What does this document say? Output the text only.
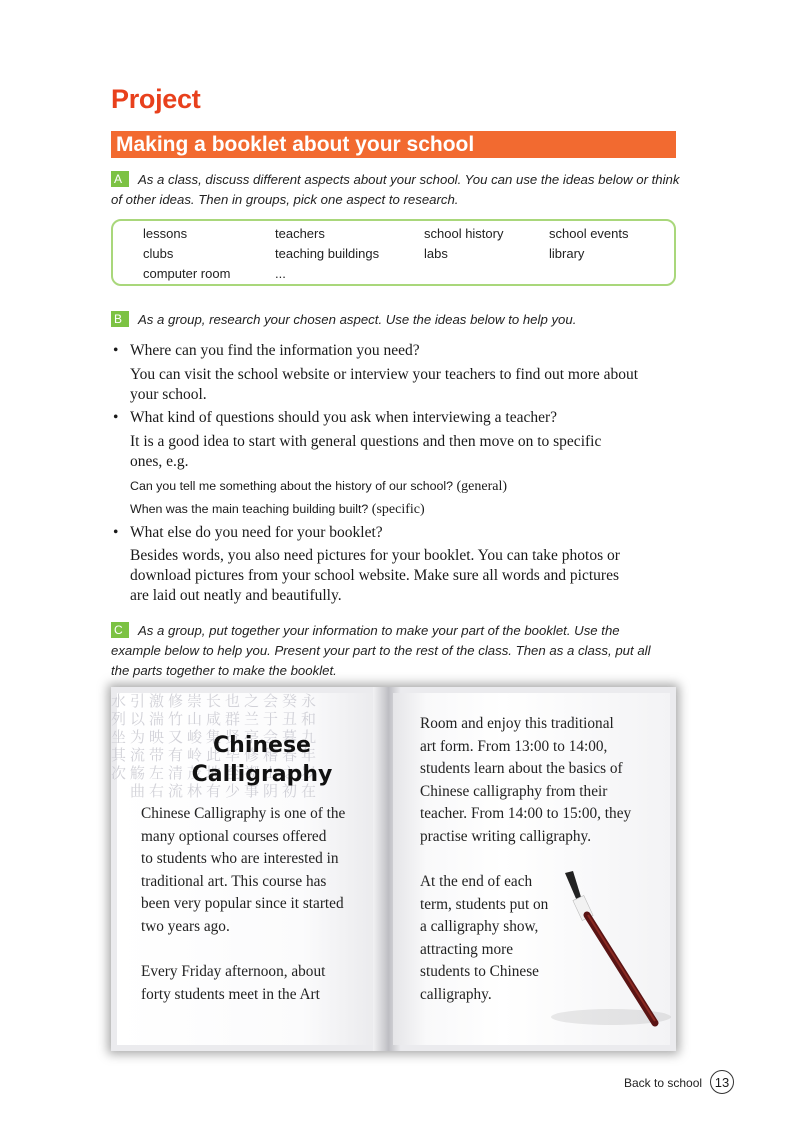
Project
Making a booklet about your school
A As a class, discuss different aspects about your school. You can use the ideas below or think of other ideas. Then in groups, pick one aspect to research.
lessons	teachers	school history	school events
clubs	teaching buildings	labs	library
computer room	...
B As a group, research your chosen aspect. Use the ideas below to help you.
• Where can you find the information you need?
You can visit the school website or interview your teachers to find out more about
your school.
• What kind of questions should you ask when interviewing a teacher?
It is a good idea to start with general questions and then move on to specific
ones, e.g.
Can you tell me something about the history of our school? (general)
When was the main teaching building built? (specific)
• What else do you need for your booklet?
Besides words, you also need pictures for your booklet. You can take photos or
download pictures from your school website. Make sure all words and pictures
are laid out neatly and beautifully.
C As a group, put together your information to make your part of the booklet. Use the
example below to help you. Present your part to the rest of the class. Then as a class, put all
the parts together to make the booklet.
永和九年岁在癸丑暮春之初会于会稽山阴之兰亭修禊事也群贤毕至少长咸集此地有崇山峻岭茂林修竹又有清流激湍映带左右引以为流觞曲水列坐其次	Chinese
Calligraphy
Chinese Calligraphy is one of the
many optional courses offered
to students who are interested in
traditional art. This course has
been very popular since it started
two years ago.
Every Friday afternoon, about
forty students meet in the Art
Room and enjoy this traditional
art form. From 13:00 to 14:00,
students learn about the basics of
Chinese calligraphy from their
teacher. From 14:00 to 15:00, they
practise writing calligraphy.
At the end of each
term, students put on
a calligraphy show,
attracting more
students to Chinese
calligraphy.
Back to school 13
